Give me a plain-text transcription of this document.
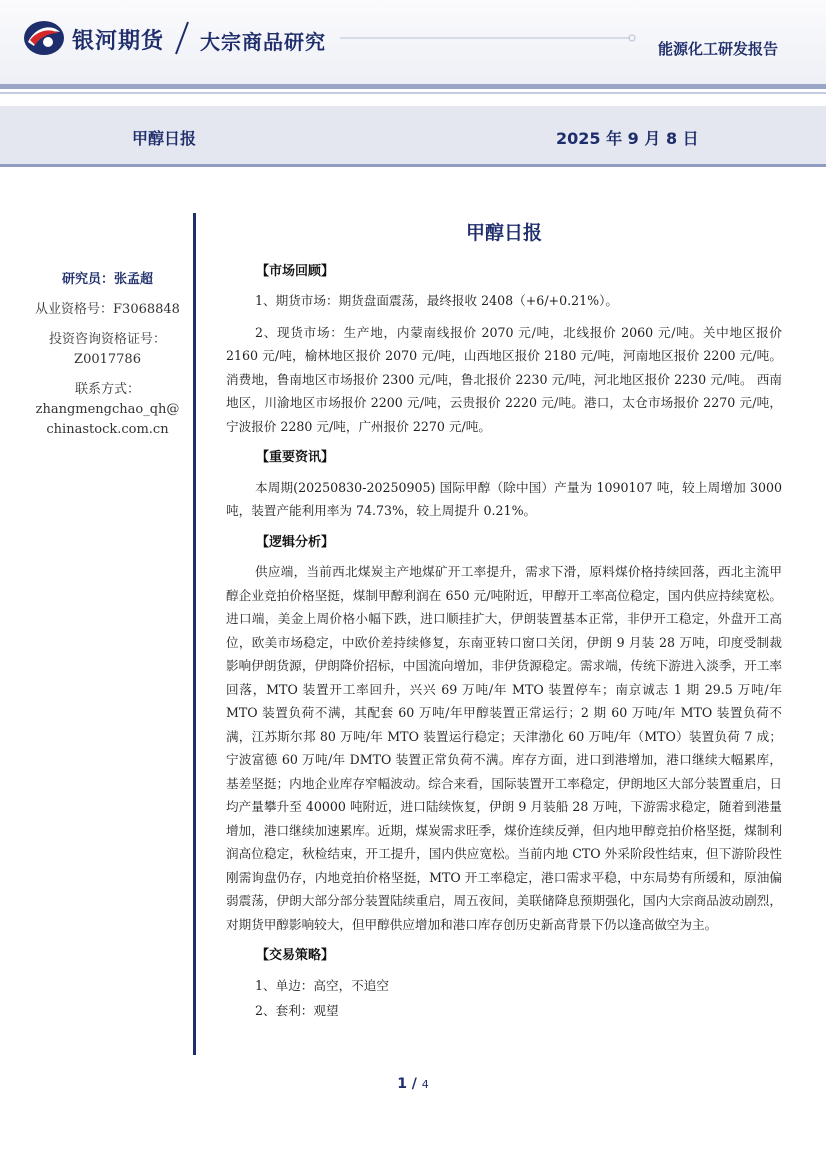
银河期货 大宗商品研究	能源化工研发报告
甲醇日报	2025 年 9 月 8 日
研究员：张孟超
从业资格号：F3068848
投资咨询资格证号：
Z0017786
联系方式：
zhangmengchao_qh@
chinastock.com.cn
甲醇日报
【市场回顾】

1、期货市场：期货盘面震荡，最终报收 2408（+6/+0.21%）。

2、现货市场：生产地，内蒙南线报价 2070 元/吨，北线报价 2060 元/吨。关中地区报价 2160 元/吨，榆林地区报价 2070 元/吨，山西地区报价 2180 元/吨，河南地区报价 2200 元/吨。消费地，鲁南地区市场报价 2300 元/吨，鲁北报价 2230 元/吨，河北地区报价 2230 元/吨。 西南地区，川渝地区市场报价 2200 元/吨，云贵报价 2220 元/吨。港口，太仓市场报价 2270 元/吨，宁波报价 2280 元/吨，广州报价 2270 元/吨。

【重要资讯】

本周期(20250830-20250905) 国际甲醇（除中国）产量为 1090107 吨，较上周增加 3000吨，装置产能利用率为 74.73%，较上周提升 0.21%。

【逻辑分析】

供应端，当前西北煤炭主产地煤矿开工率提升，需求下滑，原料煤价格持续回落，西北主流甲醇企业竞拍价格坚挺，煤制甲醇利润在 650 元/吨附近，甲醇开工率高位稳定，国内供应持续宽松。进口端，美金上周价格小幅下跌，进口顺挂扩大，伊朗装置基本正常，非伊开工稳定，外盘开工高位，欧美市场稳定，中欧价差持续修复，东南亚转口窗口关闭，伊朗 9 月装 28 万吨，印度受制裁影响伊朗货源，伊朗降价招标，中国流向增加，非伊货源稳定。需求端，传统下游进入淡季，开工率回落，MTO 装置开工率回升，兴兴 69 万吨/年 MTO 装置停车；南京诚志 1 期 29.5 万吨/年 MTO 装置负荷不满，其配套 60 万吨/年甲醇装置正常运行；2 期 60 万吨/年 MTO 装置负荷不满，江苏斯尔邦 80 万吨/年 MTO 装置运行稳定；天津渤化 60 万吨/年（MTO）装置负荷 7 成；宁波富德 60 万吨/年 DMTO 装置正常负荷不满。库存方面，进口到港增加，港口继续大幅累库，基差坚挺；内地企业库存窄幅波动。综合来看，国际装置开工率稳定，伊朗地区大部分装置重启，日均产量攀升至 40000 吨附近，进口陆续恢复，伊朗 9 月装船 28 万吨，下游需求稳定，随着到港量增加，港口继续加速累库。近期，煤炭需求旺季，煤价连续反弹，但内地甲醇竞拍价格坚挺，煤制利润高位稳定，秋检结束，开工提升，国内供应宽松。当前内地 CTO 外采阶段性结束，但下游阶段性刚需询盘仍存，内地竞拍价格坚挺，MTO 开工率稳定，港口需求平稳，中东局势有所缓和，原油偏弱震荡，伊朗大部分部分装置陆续重启，周五夜间，美联储降息预期强化，国内大宗商品波动剧烈，对期货甲醇影响较大，但甲醇供应增加和港口库存创历史新高背景下仍以逢高做空为主。

【交易策略】

1、单边：高空，不追空

2、套利：观望

1 / 4
